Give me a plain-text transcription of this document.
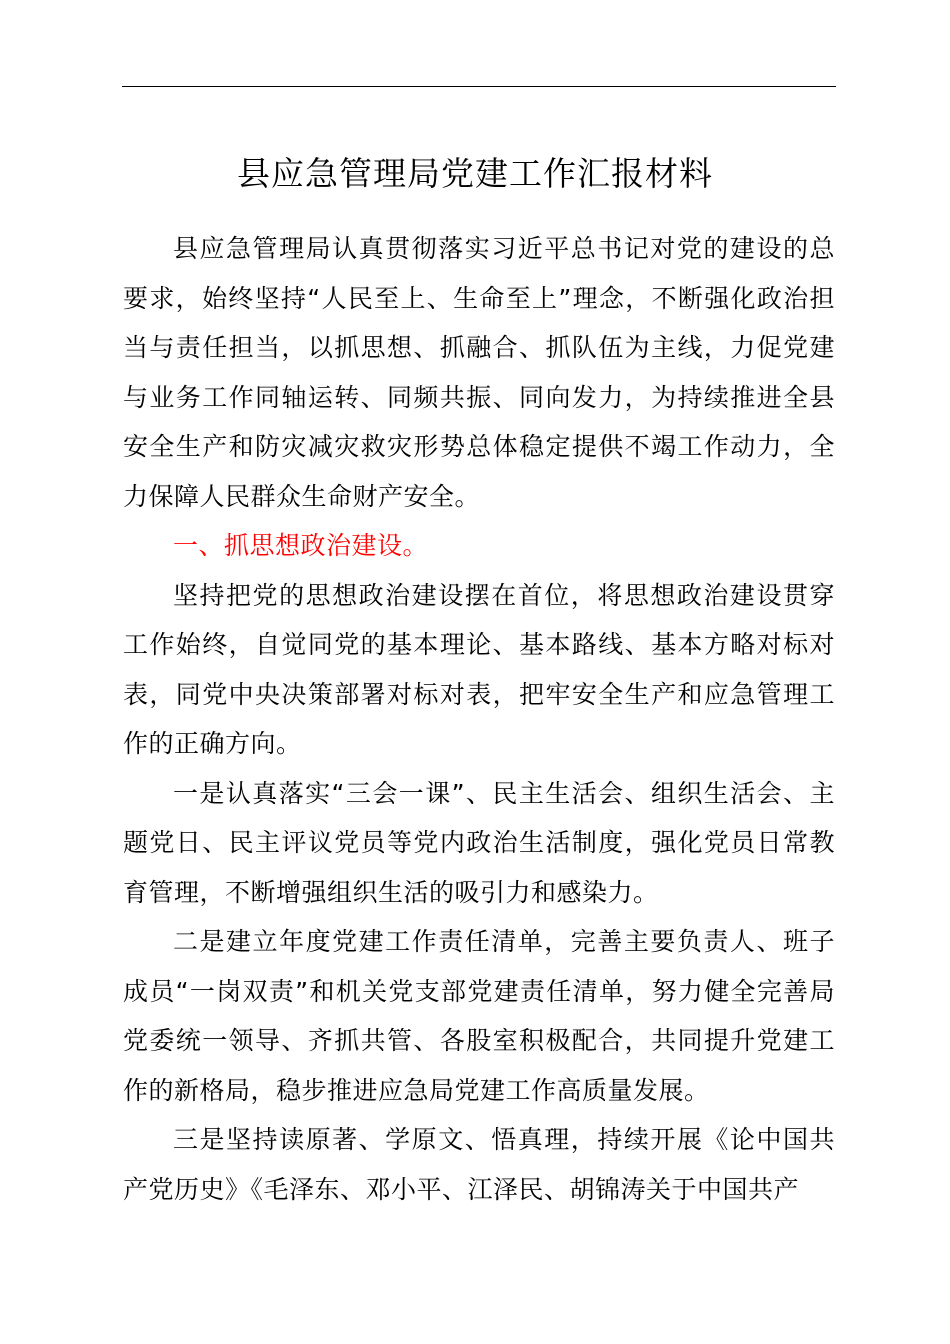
县应急管理局党建工作汇报材料

县应急管理局认真贯彻落实习近平总书记对党的建设的总要求，始终坚持“人民至上、生命至上”理念，不断强化政治担当与责任担当，以抓思想、抓融合、抓队伍为主线，力促党建与业务工作同轴运转、同频共振、同向发力，为持续推进全县安全生产和防灾减灾救灾形势总体稳定提供不竭工作动力，全力保障人民群众生命财产安全。

一、抓思想政治建设。

坚持把党的思想政治建设摆在首位，将思想政治建设贯穿工作始终，自觉同党的基本理论、基本路线、基本方略对标对表，同党中央决策部署对标对表，把牢安全生产和应急管理工作的正确方向。

一是认真落实“三会一课”、民主生活会、组织生活会、主题党日、民主评议党员等党内政治生活制度，强化党员日常教育管理，不断增强组织生活的吸引力和感染力。

二是建立年度党建工作责任清单，完善主要负责人、班子成员“一岗双责”和机关党支部党建责任清单，努力健全完善局党委统一领导、齐抓共管、各股室积极配合，共同提升党建工作的新格局，稳步推进应急局党建工作高质量发展。

三是坚持读原著、学原文、悟真理，持续开展《论中国共产党历史》《毛泽东、邓小平、江泽民、胡锦涛关于中国共产
